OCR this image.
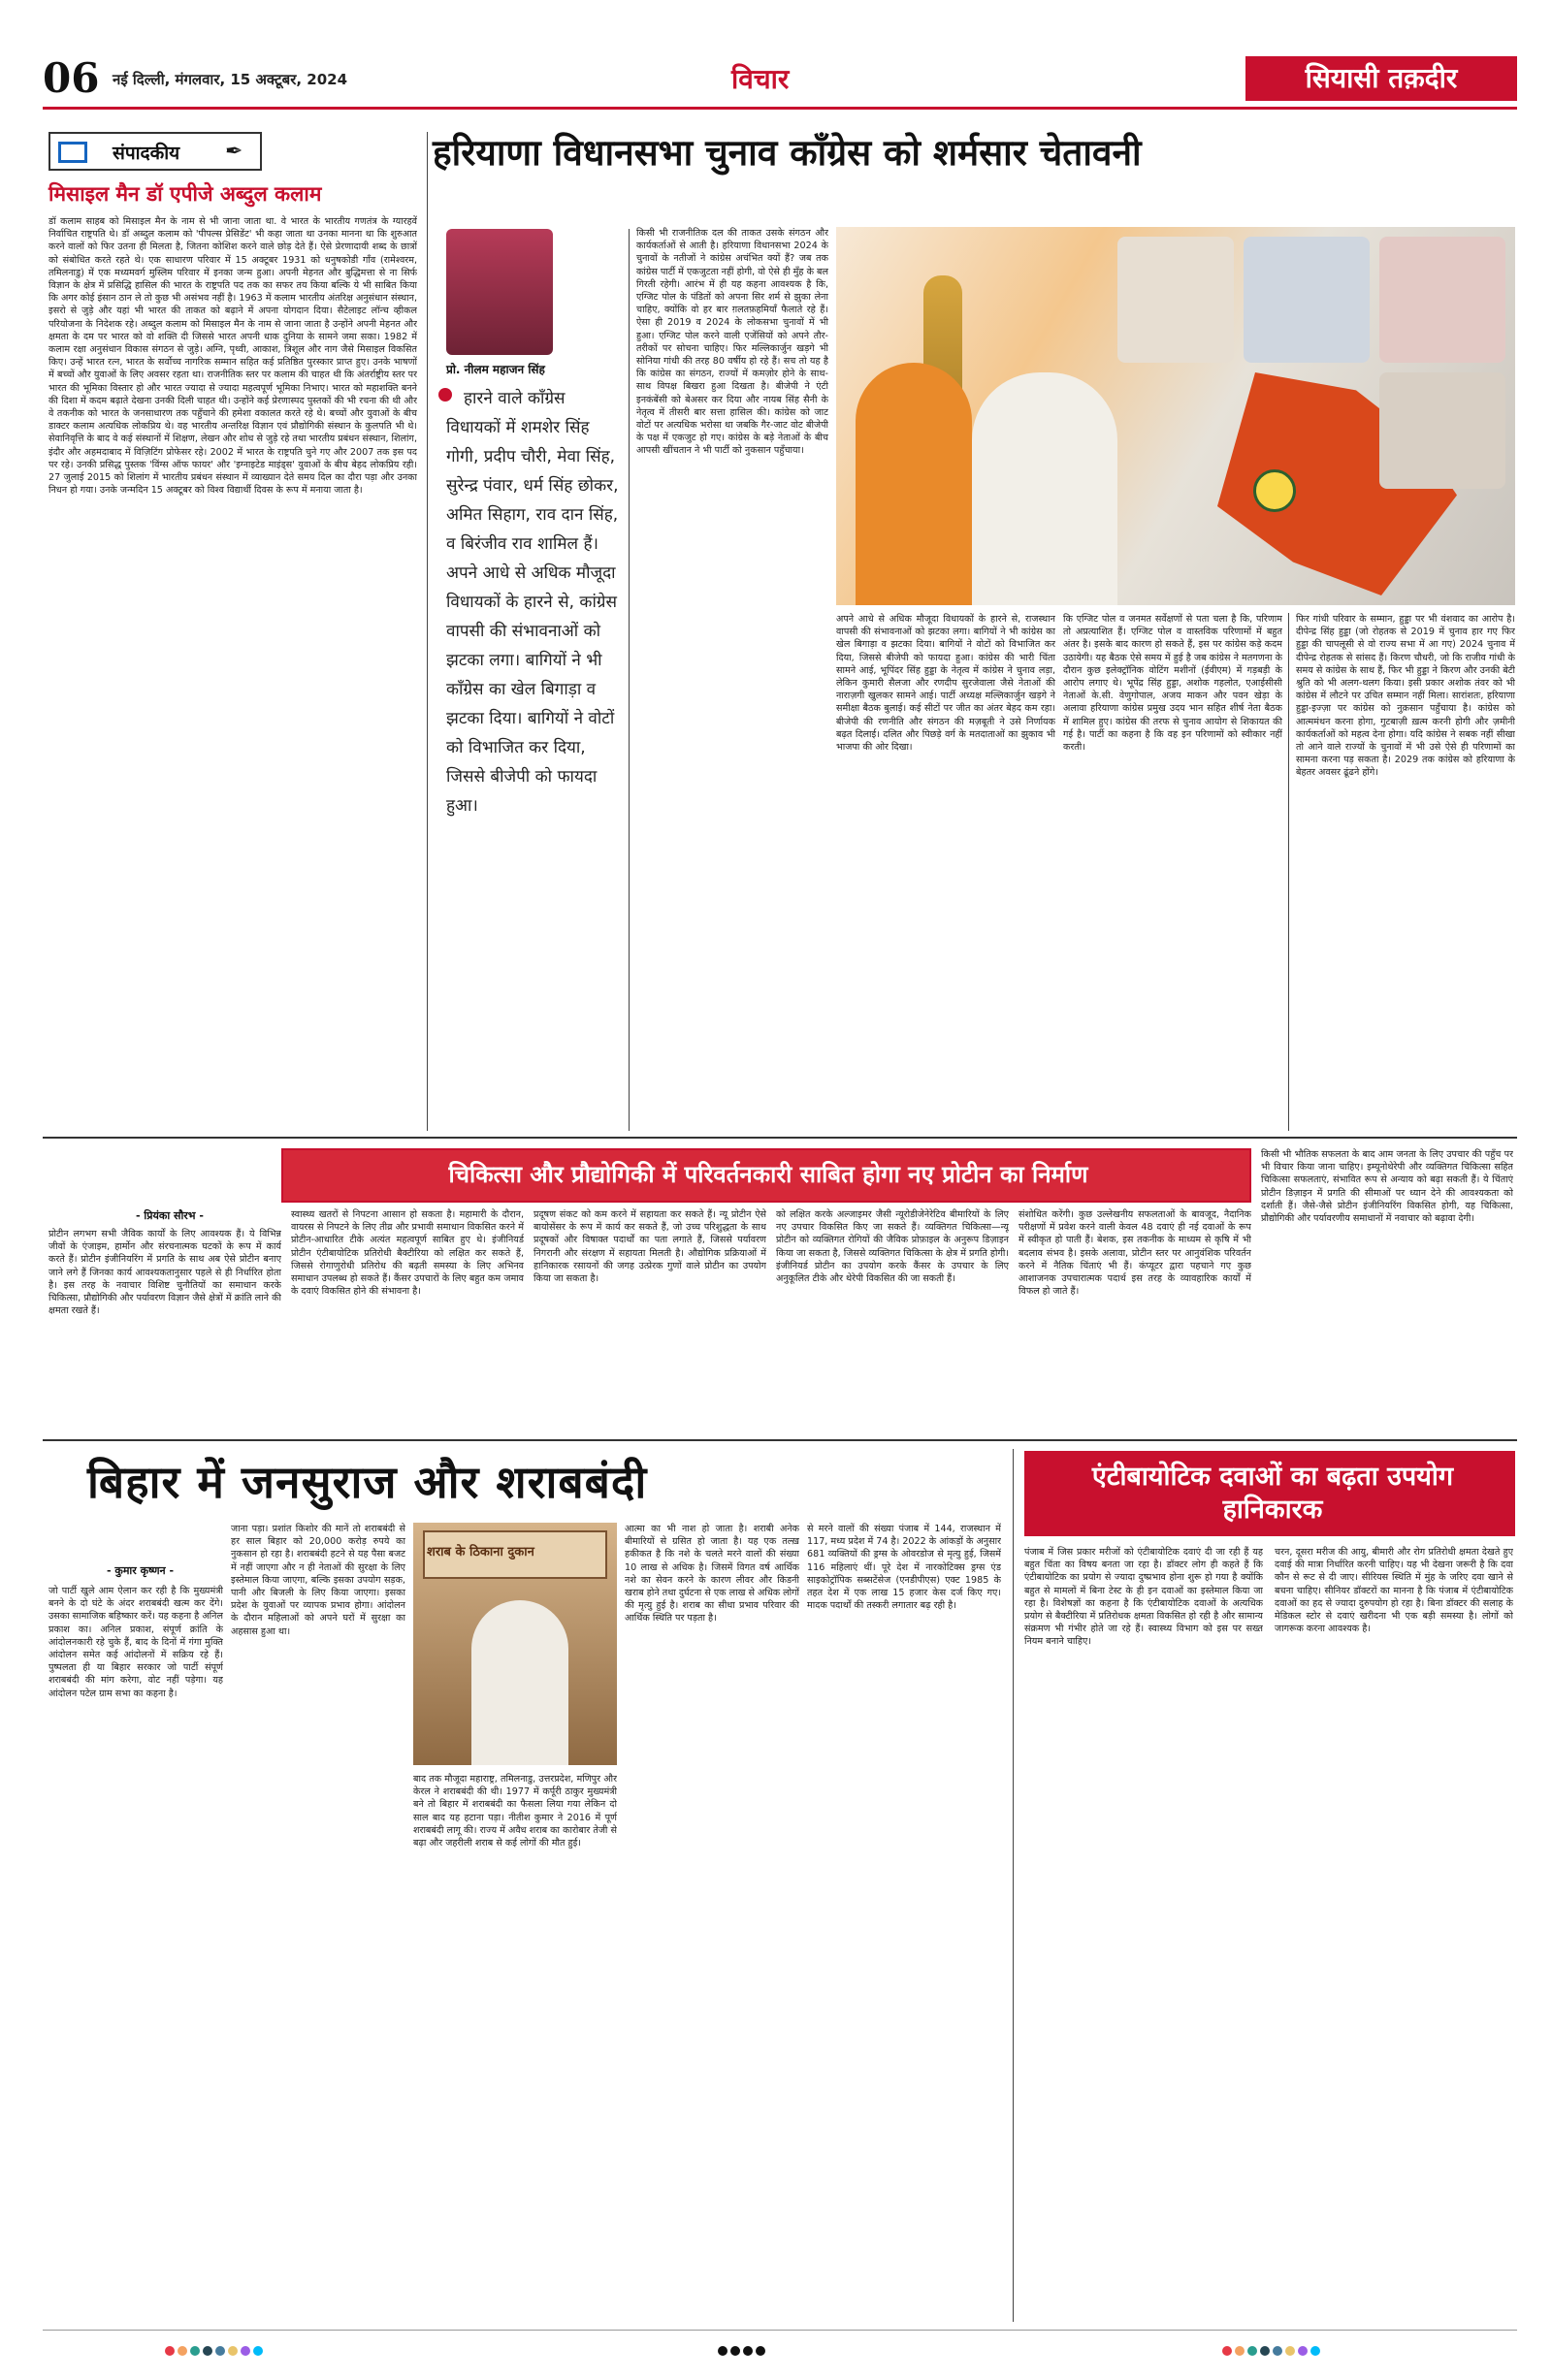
06 नई दिल्ली, मंगलवार, 15 अक्टूबर, 2024	विचार	सियासी तक़दीर
संपादकीय ✒
मिसाइल मैन डॉ एपीजे अब्दुल कलाम
डॉ कलाम साहब को मिसाइल मैन के नाम से भी जाना जाता था. वे भारत के भारतीय गणतंत्र के ग्यारहवें निर्वाचित राष्ट्रपति थे। डॉ अब्दुल कलाम को 'पीपल्स प्रेसिडेंट' भी कहा जाता था उनका मानना था कि शुरुआत करने वालों को फिर उतना ही मिलता है, जितना कोशिश करने वाले छोड़ देते हैं। ऐसे प्रेरणादायी शब्द के छात्रों को संबोधित करते रहते थे। एक साधारण परिवार में 15 अक्टूबर 1931 को धनुषकोडी गाँव (रामेश्वरम, तमिलनाडु) में एक मध्यमवर्ग मुस्लिम परिवार में इनका जन्म हुआ। अपनी मेहनत और बुद्धिमत्ता से ना सिर्फ विज्ञान के क्षेत्र में प्रसिद्धि हासिल की भारत के राष्ट्रपति पद तक का सफर तय किया बल्कि ये भी साबित किया कि अगर कोई इंसान ठान ले तो कुछ भी असंभव नहीं है। 1963 में कलाम भारतीय अंतरिक्ष अनुसंधान संस्थान, इसरो से जुड़े और यहां भी भारत की ताकत को बढ़ाने में अपना योगदान दिया। सैटेलाइट लॉन्च व्हीकल परियोजना के निदेशक रहे। अब्दुल कलाम को मिसाइल मैन के नाम से जाना जाता है उन्होंने अपनी मेहनत और क्षमता के दम पर भारत को वो शक्ति दी जिससे भारत अपनी धाक दुनिया के सामने जमा सका। 1982 में कलाम रक्षा अनुसंधान विकास संगठन से जुड़े। अग्नि, पृथ्वी, आकाश, त्रिशूल और नाग जैसे मिसाइल विकसित किए। उन्हें भारत रत्न, भारत के सर्वोच्च नागरिक सम्मान सहित कई प्रतिष्ठित पुरस्कार प्राप्त हुए। उनके भाषणों में बच्चों और युवाओं के लिए अवसर रहता था। राजनीतिक स्तर पर कलाम की चाहत थी कि अंतर्राष्ट्रीय स्तर पर भारत की भूमिका विस्तार हो और भारत ज्यादा से ज्यादा महत्वपूर्ण भूमिका निभाए। भारत को महाशक्ति बनने की दिशा में कदम बढ़ाते देखना उनकी दिली चाहत थी। उन्होंने कई प्रेरणास्पद पुस्तकों की भी रचना की थी और वे तकनीक को भारत के जनसाधारण तक पहुँचाने की हमेशा वकालत करते रहे थे। बच्चों और युवाओं के बीच डाक्टर कलाम अत्यधिक लोकप्रिय थे। वह भारतीय अन्तरिक्ष विज्ञान एवं प्रौद्योगिकी संस्थान के कुलपति भी थे। सेवानिवृत्ति के बाद वे कई संस्थानों में शिक्षण, लेखन और शोध से जुड़े रहे तथा भारतीय प्रबंधन संस्थान, शिलांग, इंदौर और अहमदाबाद में विज़िटिंग प्रोफेसर रहे। 2002 में भारत के राष्ट्रपति चुने गए और 2007 तक इस पद पर रहे। उनकी प्रसिद्ध पुस्तक 'विंग्स ऑफ फायर' और 'इग्नाइटेड माइंड्स' युवाओं के बीच बेहद लोकप्रिय रही। 27 जुलाई 2015 को शिलांग में भारतीय प्रबंधन संस्थान में व्याख्यान देते समय दिल का दौरा पड़ा और उनका निधन हो गया। उनके जन्मदिन 15 अक्टूबर को विश्व विद्यार्थी दिवस के रूप में मनाया जाता है।
हरियाणा विधानसभा चुनाव कॉंग्रेस को शर्मसार चेतावनी
प्रो. नीलम महाजन सिंह
हारने वाले कॉंग्रेस विधायकों में शमशेर सिंह गोगी, प्रदीप चौरी, मेवा सिंह, सुरेन्द्र पंवार, धर्म सिंह छोकर, अमित सिहाग, राव दान सिंह, व बिरंजीव राव शामिल हैं। अपने आधे से अधिक मौजूदा विधायकों के हारने से, कांग्रेस वापसी की संभावनाओं को झटका लगा। बागियों ने भी कॉंग्रेस का खेल बिगाड़ा व झटका दिया। बागियों ने वोटों को विभाजित कर दिया, जिससे बीजेपी को फायदा हुआ।
किसी भी राजनीतिक दल की ताकत उसके संगठन और कार्यकर्ताओं से आती है। हरियाणा विधानसभा 2024 के चुनावों के नतीजों ने कांग्रेस अचंभित क्यों हैं? जब तक कांग्रेस पार्टी में एकजुटता नहीं होगी, वो ऐसे ही मुँह के बल गिरती रहेगी। आरंभ में ही यह कहना आवश्यक है कि, एग्जिट पोल के पंडितों को अपना सिर शर्म से झुका लेना चाहिए, क्योंकि वो हर बार ग़लतफ़हमियाँ फैलाते रहे हैं। ऐसा ही 2019 व 2024 के लोकसभा चुनावों में भी हुआ। एग्जिट पोल करने वाली एजेंसियों को अपने तौर-तरीकों पर सोचना चाहिए। फिर मल्लिकार्जुन खड़गे भी सोनिया गांधी की तरह 80 वर्षीय हो रहे हैं। सच तो यह है कि कांग्रेस का संगठन, राज्यों में कमज़ोर होने के साथ-साथ विपक्ष बिखरा हुआ दिखता है। बीजेपी ने एंटी इनकंबेंसी को बेअसर कर दिया और नायब सिंह सैनी के नेतृत्व में तीसरी बार सत्ता हासिल की। कांग्रेस को जाट वोटों पर अत्यधिक भरोसा था जबकि गैर-जाट वोट बीजेपी के पक्ष में एकजुट हो गए। कांग्रेस के बड़े नेताओं के बीच आपसी खींचतान ने भी पार्टी को नुकसान पहुँचाया।
अपने आधे से अधिक मौजूदा विधायकों के हारने से, राजस्थान वापसी की संभावनाओं को झटका लगा। बागियों ने भी कांग्रेस का खेल बिगाड़ा व झटका दिया। बागियों ने वोटों को विभाजित कर दिया, जिससे बीजेपी को फायदा हुआ। कांग्रेस की भारी चिंता सामने आई, भूपिंदर सिंह हुड्डा के नेतृत्व में कांग्रेस ने चुनाव लड़ा, लेकिन कुमारी सैलजा और रणदीप सुरजेवाला जैसे नेताओं की नाराज़गी खुलकर सामने आई। पार्टी अध्यक्ष मल्लिकार्जुन खड़गे ने समीक्षा बैठक बुलाई। कई सीटों पर जीत का अंतर बेहद कम रहा। बीजेपी की रणनीति और संगठन की मज़बूती ने उसे निर्णायक बढ़त दिलाई। दलित और पिछड़े वर्ग के मतदाताओं का झुकाव भी भाजपा की ओर दिखा।
कि एग्जिट पोल व जनमत सर्वेक्षणों से पता चला है कि, परिणाम तो अप्रत्याशित हैं। एग्जिट पोल व वास्तविक परिणामों में बहुत अंतर है। इसके बाद कारण हो सकते हैं, इस पर कांग्रेस कड़े कदम उठायेगी। यह बैठक ऐसे समय में हुई है जब कांग्रेस ने मतगणना के दौरान कुछ इलेक्ट्रॉनिक वोटिंग मशीनों (ईवीएम) में गड़बड़ी के आरोप लगाए थे। भूपेंद्र सिंह हुड्डा, अशोक गहलोत, एआईसीसी नेताओं के.सी. वेणुगोपाल, अजय माकन और पवन खेड़ा के अलावा हरियाणा कांग्रेस प्रमुख उदय भान सहित शीर्ष नेता बैठक में शामिल हुए। कांग्रेस की तरफ से चुनाव आयोग से शिकायत की गई है। पार्टी का कहना है कि वह इन परिणामों को स्वीकार नहीं करती।
फिर गांधी परिवार के सम्मान, हुड्डा पर भी वंशवाद का आरोप है। दीपेन्द्र सिंह हुड्डा (जो रोहतक से 2019 में चुनाव हार गए फिर हुड्डा की चापलूसी से वो राज्य सभा में आ गए) 2024 चुनाव में दीपेन्द्र रोहतक से सांसद हैं। किरण चौधरी, जो कि राजीव गांधी के समय से कांग्रेस के साथ हैं, फिर भी हुड्डा ने किरण और उनकी बेटी श्रुति को भी अलग-थलग किया। इसी प्रकार अशोक तंवर को भी कांग्रेस में लौटने पर उचित सम्मान नहीं मिला। सारांशतः, हरियाणा हुड्डा-इज्ज़ा पर कांग्रेस को नुक़सान पहुँचाया है। कांग्रेस को आत्ममंथन करना होगा, गुटबाज़ी ख़त्म करनी होगी और ज़मीनी कार्यकर्ताओं को महत्व देना होगा। यदि कांग्रेस ने सबक नहीं सीखा तो आने वाले राज्यों के चुनावों में भी उसे ऐसे ही परिणामों का सामना करना पड़ सकता है। 2029 तक कांग्रेस को हरियाणा के बेहतर अवसर ढूंढने होंगे।
चिकित्सा और प्रौद्योगिकी में परिवर्तनकारी साबित होगा नए प्रोटीन का निर्माण
- प्रियंका सौरभ -
प्रोटीन लगभग सभी जैविक कार्यों के लिए आवश्यक हैं। ये विभिन्न जीवों के एंजाइम, हार्मोन और संरचनात्मक घटकों के रूप में कार्य करते हैं। प्रोटीन इंजीनियरिंग में प्रगति के साथ अब ऐसे प्रोटीन बनाए जाने लगे हैं जिनका कार्य आवश्यकतानुसार पहले से ही निर्धारित होता है। इस तरह के नवाचार विशिष्ट चुनौतियों का समाधान करके चिकित्सा, प्रौद्योगिकी और पर्यावरण विज्ञान जैसे क्षेत्रों में क्रांति लाने की क्षमता रखते हैं।
स्वास्थ्य खतरों से निपटना आसान हो सकता है। महामारी के दौरान, वायरस से निपटने के लिए तीव्र और प्रभावी समाधान विकसित करने में प्रोटीन-आधारित टीके अत्यंत महत्वपूर्ण साबित हुए थे। इंजीनियर्ड प्रोटीन एंटीबायोटिक प्रतिरोधी बैक्टीरिया को लक्षित कर सकते हैं, जिससे रोगाणुरोधी प्रतिरोध की बढ़ती समस्या के लिए अभिनव समाधान उपलब्ध हो सकते हैं। कैंसर उपचारों के लिए बहुत कम जमाव के दवाएं विकसित होने की संभावना है।
प्रदूषण संकट को कम करने में सहायता कर सकते हैं। न्यू प्रोटीन ऐसे बायोसेंसर के रूप में कार्य कर सकते हैं, जो उच्च परिशुद्धता के साथ प्रदूषकों और विषाक्त पदार्थों का पता लगाते हैं, जिससे पर्यावरण निगरानी और संरक्षण में सहायता मिलती है। औद्योगिक प्रक्रियाओं में हानिकारक रसायनों की जगह उत्प्रेरक गुणों वाले प्रोटीन का उपयोग किया जा सकता है।
को लक्षित करके अल्जाइमर जैसी न्यूरोडीजेनेरेटिव बीमारियों के लिए नए उपचार विकसित किए जा सकते हैं। व्यक्तिगत चिकित्सा—न्यू प्रोटीन को व्यक्तिगत रोगियों की जैविक प्रोफ़ाइल के अनुरूप डिज़ाइन किया जा सकता है, जिससे व्यक्तिगत चिकित्सा के क्षेत्र में प्रगति होगी। इंजीनियर्ड प्रोटीन का उपयोग करके कैंसर के उपचार के लिए अनुकूलित टीके और थेरेपी विकसित की जा सकती हैं।
संशोधित करेंगी। कुछ उल्लेखनीय सफलताओं के बावजूद, नैदानिक परीक्षणों में प्रवेश करने वाली केवल 48 दवाएं ही नई दवाओं के रूप में स्वीकृत हो पाती हैं। बेशक, इस तकनीक के माध्यम से कृषि में भी बदलाव संभव है। इसके अलावा, प्रोटीन स्तर पर आनुवंशिक परिवर्तन करने में नैतिक चिंताएं भी हैं। कंप्यूटर द्वारा पहचाने गए कुछ आशाजनक उपचारात्मक पदार्थ इस तरह के व्यावहारिक कार्यों में विफल हो जाते हैं।
किसी भी भौतिक सफलता के बाद आम जनता के लिए उपचार की पहुँच पर भी विचार किया जाना चाहिए। इम्यूनोथेरेपी और व्यक्तिगत चिकित्सा सहित चिकित्सा सफलताएं, संभावित रूप से अन्याय को बढ़ा सकती हैं। ये चिंताएं प्रोटीन डिज़ाइन में प्रगति की सीमाओं पर ध्यान देने की आवश्यकता को दर्शाती हैं। जैसे-जैसे प्रोटीन इंजीनियरिंग विकसित होगी, यह चिकित्सा, प्रौद्योगिकी और पर्यावरणीय समाधानों में नवाचार को बढ़ावा देगी।
बिहार में जनसुराज और शराबबंदी
- कुमार कृष्णन -
जो पार्टी खुले आम ऐलान कर रही है कि मुख्यमंत्री बनने के दो घंटे के अंदर शराबबंदी खत्म कर देंगे। उसका सामाजिक बहिष्कार करें। यह कहना है अनिल प्रकाश का। अनिल प्रकाश, संपूर्ण क्रांति के आंदोलनकारी रहे चुके हैं, बाद के दिनों में गंगा मुक्ति आंदोलन समेत कई आंदोलनों में सक्रिय रहे हैं। पुष्पलता ही या बिहार सरकार जो पार्टी संपूर्ण शराबबंदी की मांग करेगा, वोट नहीं पड़ेगा। यह आंदोलन पटेल ग्राम सभा का कहना है।
जाना पड़ा। प्रशांत किशोर की मानें तो शराबबंदी से हर साल बिहार को 20,000 करोड़ रुपये का नुकसान हो रहा है। शराबबंदी हटने से यह पैसा बजट में नहीं जाएगा और न ही नेताओं की सुरक्षा के लिए इस्तेमाल किया जाएगा, बल्कि इसका उपयोग सड़क, पानी और बिजली के लिए किया जाएगा। इसका प्रदेश के युवाओं पर व्यापक प्रभाव होगा। आंदोलन के दौरान महिलाओं को अपने घरों में सुरक्षा का अहसास हुआ था।
शराब के ठिकाना दुकान
बाद तक मौजूदा महाराष्ट्र, तमिलनाडु, उत्तरप्रदेश, मणिपुर और केरल ने शराबबंदी की थी। 1977 में कर्पूरी ठाकुर मुख्यमंत्री बने तो बिहार में शराबबंदी का फैसला लिया गया लेकिन दो साल बाद यह हटाना पड़ा। नीतीश कुमार ने 2016 में पूर्ण शराबबंदी लागू की। राज्य में अवैध शराब का कारोबार तेजी से बढ़ा और जहरीली शराब से कई लोगों की मौत हुई।
आत्मा का भी नाश हो जाता है। शराबी अनेक बीमारियों से ग्रसित हो जाता है। यह एक तल्ख़ हकीकत है कि नशे के चलते मरने वालों की संख्या 10 लाख से अधिक है। जिसमें विगत वर्ष आर्थिक नशे का सेवन करने के कारण लीवर और किडनी खराब होने तथा दुर्घटना से एक लाख से अधिक लोगों की मृत्यु हुई है। शराब का सीधा प्रभाव परिवार की आर्थिक स्थिति पर पड़ता है।
से मरने वालों की संख्या पंजाब में 144, राजस्थान में 117, मध्य प्रदेश में 74 है। 2022 के आंकड़ों के अनुसार 681 व्यक्तियों की ड्रग्स के ओवरडोज से मृत्यु हुई, जिसमें 116 महिलाएं थीं। पूरे देश में नारकोटिक्स ड्रग्स एंड साइकोट्रॉपिक सब्सटेंसेज (एनडीपीएस) एक्ट 1985 के तहत देश में एक लाख 15 हजार केस दर्ज किए गए। मादक पदार्थों की तस्करी लगातार बढ़ रही है।
एंटीबायोटिक दवाओं का बढ़ता उपयोग हानिकारक
पंजाब में जिस प्रकार मरीजों को एंटीबायोटिक दवाएं दी जा रही हैं यह बहुत चिंता का विषय बनता जा रहा है। डॉक्टर लोग ही कहते हैं कि एंटीबायोटिक का प्रयोग से ज्यादा दुष्प्रभाव होना शुरू हो गया है क्योंकि बहुत से मामलों में बिना टेस्ट के ही इन दवाओं का इस्तेमाल किया जा रहा है। विशेषज्ञों का कहना है कि एंटीबायोटिक दवाओं के अत्यधिक प्रयोग से बैक्टीरिया में प्रतिरोधक क्षमता विकसित हो रही है और सामान्य संक्रमण भी गंभीर होते जा रहे हैं। स्वास्थ्य विभाग को इस पर सख्त नियम बनाने चाहिए।
चरन, दूसरा मरीज की आयु, बीमारी और रोग प्रतिरोधी क्षमता देखते हुए दवाई की मात्रा निर्धारित करनी चाहिए। यह भी देखना जरूरी है कि दवा कौन से रूट से दी जाए। सीरियस स्थिति में मुंह के जरिए दवा खाने से बचना चाहिए। सीनियर डॉक्टरों का मानना है कि पंजाब में एंटीबायोटिक दवाओं का हद से ज्यादा दुरुपयोग हो रहा है। बिना डॉक्टर की सलाह के मेडिकल स्टोर से दवाएं खरीदना भी एक बड़ी समस्या है। लोगों को जागरूक करना आवश्यक है।
